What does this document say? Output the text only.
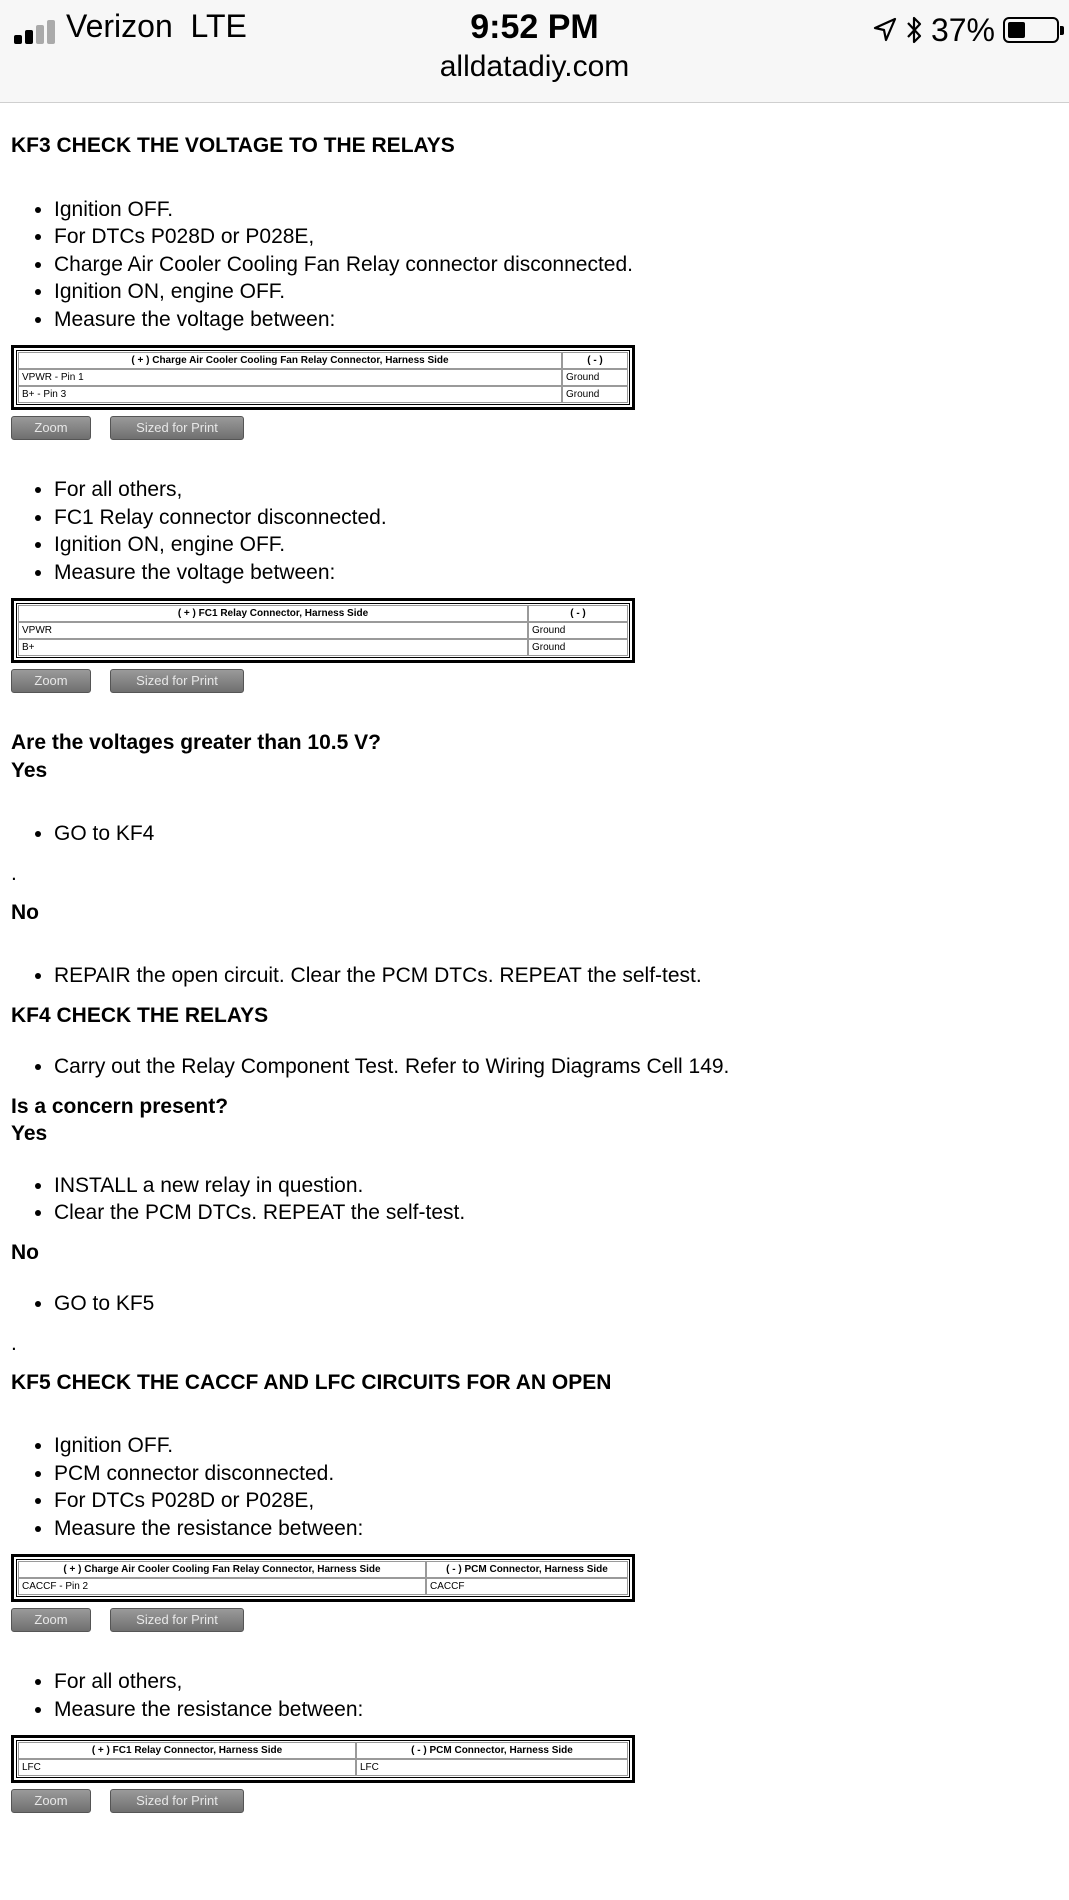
Verizon LTE	9:52 PM	37%
alldatadiy.com

KF3 CHECK THE VOLTAGE TO THE RELAYS

• Ignition OFF.
• For DTCs P028D or P028E,
• Charge Air Cooler Cooling Fan Relay connector disconnected.
• Ignition ON, engine OFF.
• Measure the voltage between:
( + ) Charge Air Cooler Cooling Fan Relay Connector, Harness Side	( - )
VPWR - Pin 1	Ground
B+ - Pin 3	Ground
Zoom	Sized for Print
• For all others,
• FC1 Relay connector disconnected.
• Ignition ON, engine OFF.
• Measure the voltage between:
( + ) FC1 Relay Connector, Harness Side	( - )
VPWR	Ground
B+	Ground
Zoom	Sized for Print

Are the voltages greater than 10.5 V?

Yes

• GO to KF4
.

No

• REPAIR the open circuit. Clear the PCM DTCs. REPEAT the self-test.

KF4 CHECK THE RELAYS

• Carry out the Relay Component Test. Refer to Wiring Diagrams Cell 149.

Is a concern present?

Yes

• INSTALL a new relay in question.
• Clear the PCM DTCs. REPEAT the self-test.

No

• GO to KF5
.

KF5 CHECK THE CACCF AND LFC CIRCUITS FOR AN OPEN

• Ignition OFF.
• PCM connector disconnected.
• For DTCs P028D or P028E,
• Measure the resistance between:
( + ) Charge Air Cooler Cooling Fan Relay Connector, Harness Side	( - ) PCM Connector, Harness Side
CACCF - Pin 2	CACCF
Zoom	Sized for Print
• For all others,
• Measure the resistance between:
( + ) FC1 Relay Connector, Harness Side	( - ) PCM Connector, Harness Side
LFC	LFC
Zoom	Sized for Print
